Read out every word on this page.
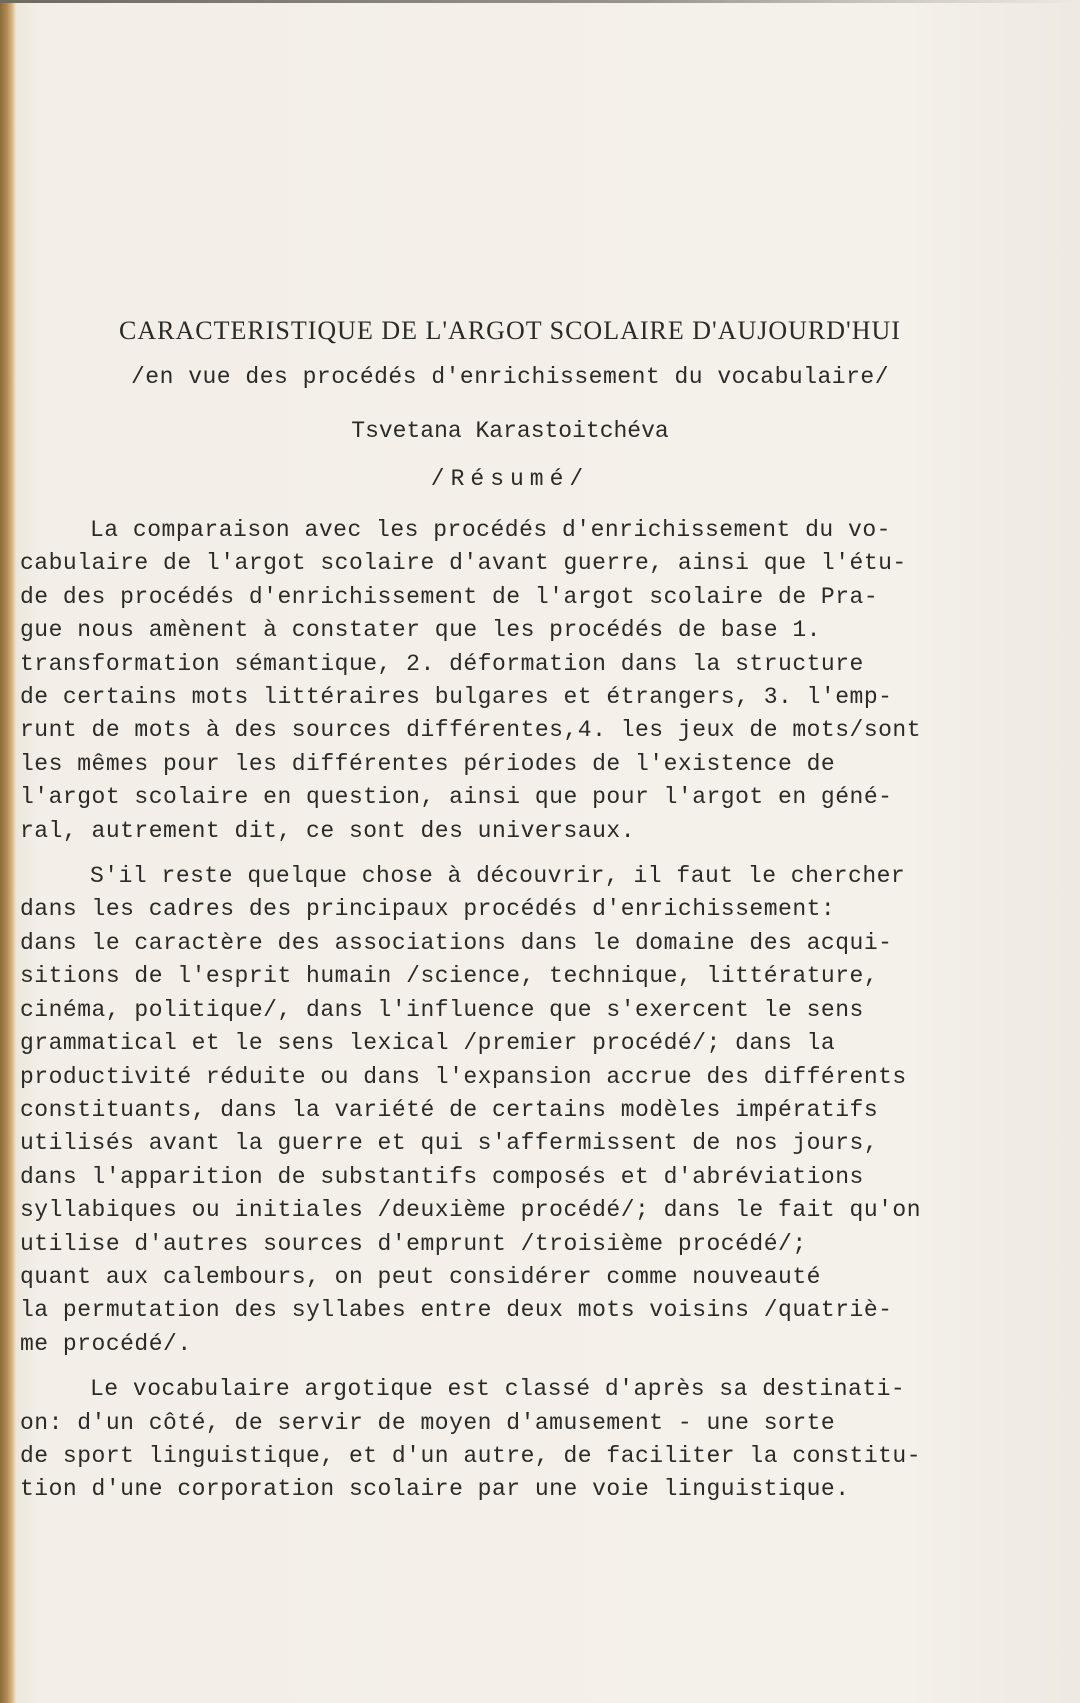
CARACTERISTIQUE DE L'ARGOT SCOLAIRE D'AUJOURD'HUI
/en vue des procédés d'enrichissement du vocabulaire/
Tsvetana Karastoitchéva
/Résumé/
La comparaison avec les procédés d'enrichissement du vo-
cabulaire de l'argot scolaire d'avant guerre, ainsi que l'étu-
de des procédés d'enrichissement de l'argot scolaire de Pra-
gue nous amènent à constater que les procédés de base 1.
transformation sémantique, 2. déformation dans la structure
de certains mots littéraires bulgares et étrangers, 3. l'emp-
runt de mots à des sources différentes,4. les jeux de mots/sont
les mêmes pour les différentes périodes de l'existence de
l'argot scolaire en question, ainsi que pour l'argot en géné-
ral, autrement dit, ce sont des universaux.
S'il reste quelque chose à découvrir, il faut le chercher
dans les cadres des principaux procédés d'enrichissement:
dans le caractère des associations dans le domaine des acqui-
sitions de l'esprit humain /science, technique, littérature,
cinéma, politique/, dans l'influence que s'exercent le sens
grammatical et le sens lexical /premier procédé/; dans la
productivité réduite ou dans l'expansion accrue des différents
constituants, dans la variété de certains modèles impératifs
utilisés avant la guerre et qui s'affermissent de nos jours,
dans l'apparition de substantifs composés et d'abréviations
syllabiques ou initiales /deuxième procédé/; dans le fait qu'on
utilise d'autres sources d'emprunt /troisième procédé/;
quant aux calembours, on peut considérer comme nouveauté
la permutation des syllabes entre deux mots voisins /quatriè-
me procédé/.
Le vocabulaire argotique est classé d'après sa destinati-
on: d'un côté, de servir de moyen d'amusement - une sorte
de sport linguistique, et d'un autre, de faciliter la constitu-
tion d'une corporation scolaire par une voie linguistique.
